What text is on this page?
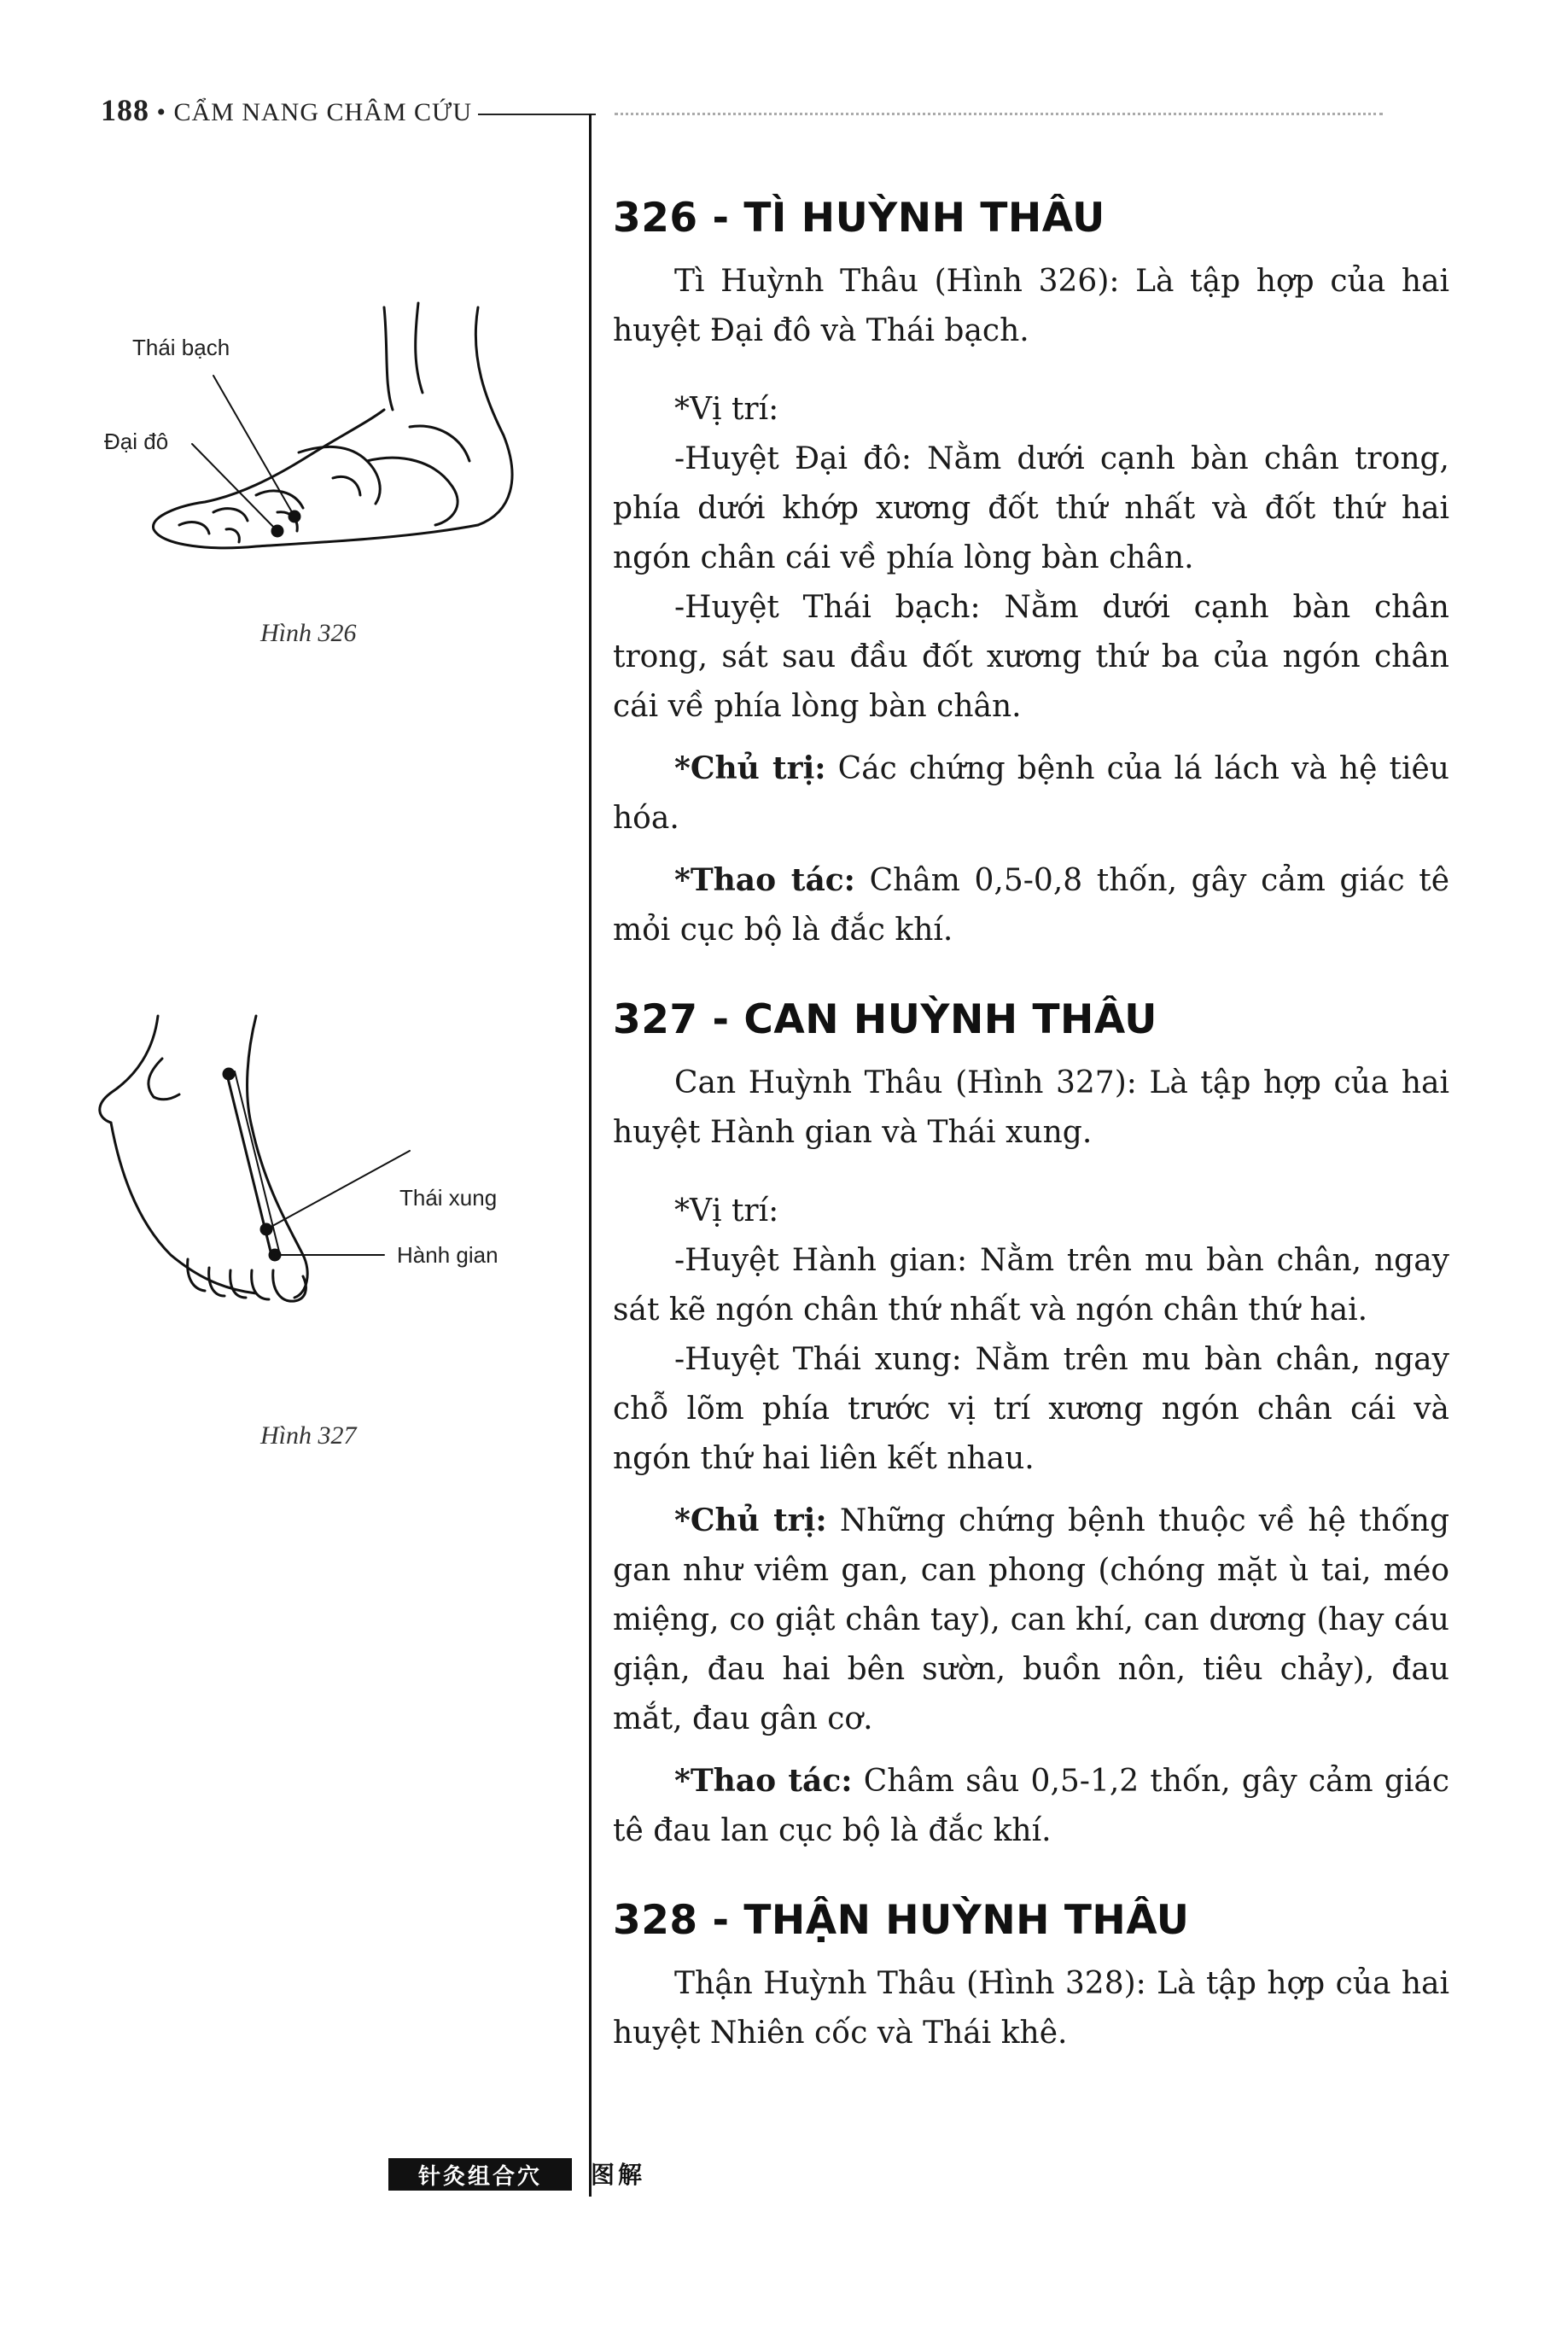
188 • CẨM NANG CHÂM CỨU
Thái bạch
Đại đô
Hình 326
Thái xung
Hành gian
Hình 327
326 - TÌ HUỲNH THÂU

Tì Huỳnh Thâu (Hình 326): Là tập hợp của hai huyệt Đại đô và Thái bạch.

*Vị trí:

-Huyệt Đại đô: Nằm dưới cạnh bàn chân trong, phía dưới khớp xương đốt thứ nhất và đốt thứ hai ngón chân cái về phía lòng bàn chân.

-Huyệt Thái bạch: Nằm dưới cạnh bàn chân trong, sát sau đầu đốt xương thứ ba của ngón chân cái về phía lòng bàn chân.

*Chủ trị: Các chứng bệnh của lá lách và hệ tiêu hóa.

*Thao tác: Châm 0,5-0,8 thốn, gây cảm giác tê mỏi cục bộ là đắc khí.

327 - CAN HUỲNH THÂU

Can Huỳnh Thâu (Hình 327): Là tập hợp của hai huyệt Hành gian và Thái xung.

*Vị trí:

-Huyệt Hành gian: Nằm trên mu bàn chân, ngay sát kẽ ngón chân thứ nhất và ngón chân thứ hai.

-Huyệt Thái xung: Nằm trên mu bàn chân, ngay chỗ lõm phía trước vị trí xương ngón chân cái và ngón thứ hai liên kết nhau.

*Chủ trị: Những chứng bệnh thuộc về hệ thống gan như viêm gan, can phong (chóng mặt ù tai, méo miệng, co giật chân tay), can khí, can dương (hay cáu giận, đau hai bên sườn, buồn nôn, tiêu chảy), đau mắt, đau gân cơ.

*Thao tác: Châm sâu 0,5-1,2 thốn, gây cảm giác tê đau lan cục bộ là đắc khí.

328 - THẬN HUỲNH THÂU

Thận Huỳnh Thâu (Hình 328): Là tập hợp của hai huyệt Nhiên cốc và Thái khê.

针灸组合穴	图解
